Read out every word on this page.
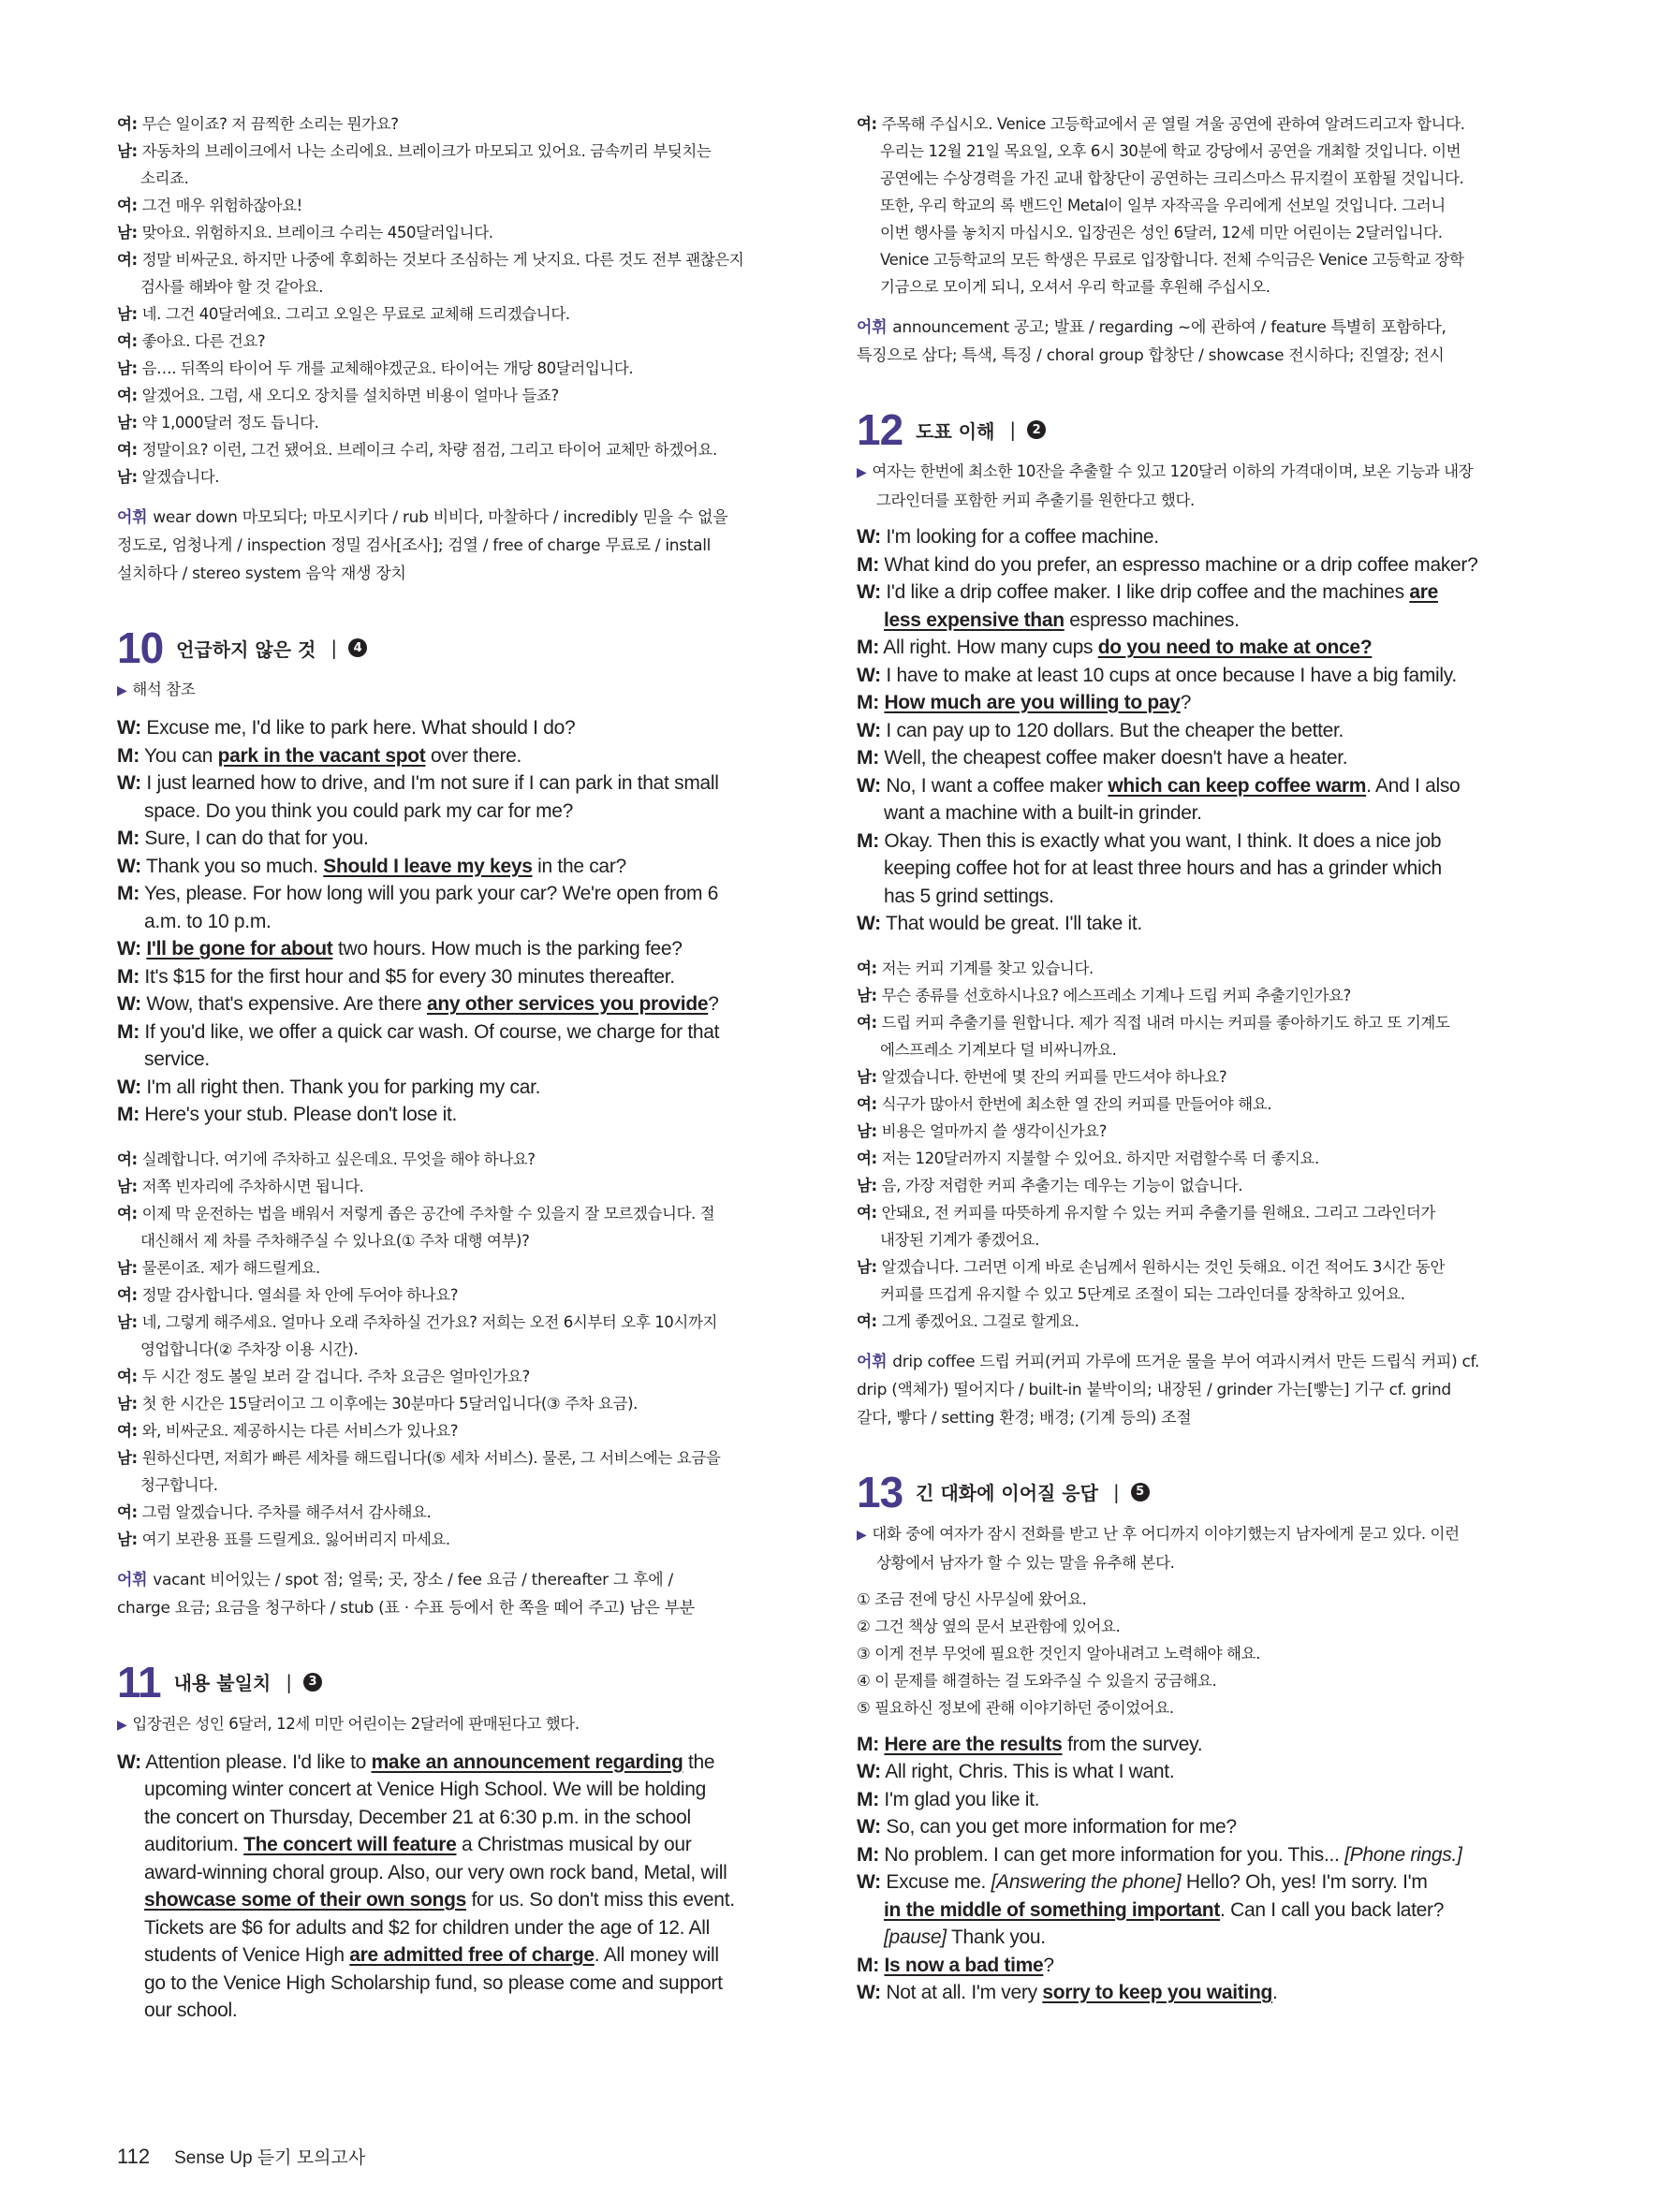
여: 무슨 일이죠? 저 끔찍한 소리는 뭔가요?
남: 자동차의 브레이크에서 나는 소리에요. 브레이크가 마모되고 있어요. 금속끼리 부딪치는
소리죠.
여: 그건 매우 위험하잖아요!
남: 맞아요. 위험하지요. 브레이크 수리는 450달러입니다.
여: 정말 비싸군요. 하지만 나중에 후회하는 것보다 조심하는 게 낫지요. 다른 것도 전부 괜찮은지
검사를 해봐야 할 것 같아요.
남: 네. 그건 40달러예요. 그리고 오일은 무료로 교체해 드리겠습니다.
여: 좋아요. 다른 건요?
남: 음…. 뒤쪽의 타이어 두 개를 교체해야겠군요. 타이어는 개당 80달러입니다.
여: 알겠어요. 그럼, 새 오디오 장치를 설치하면 비용이 얼마나 들죠?
남: 약 1,000달러 정도 듭니다.
여: 정말이요? 이런, 그건 됐어요. 브레이크 수리, 차량 점검, 그리고 타이어 교체만 하겠어요.
남: 알겠습니다.
어휘 wear down 마모되다; 마모시키다 / rub 비비다, 마찰하다 / incredibly 믿을 수 없을
정도로, 엄청나게 / inspection 정밀 검사[조사]; 검열 / free of charge 무료로 / install
설치하다 / stereo system 음악 재생 장치
10 언급하지 않은 것 |	4
▶ 해석 참조
W: Excuse me, I'd like to park here. What should I do?
M: You can park in the vacant spot over there.
W: I just learned how to drive, and I'm not sure if I can park in that small
space. Do you think you could park my car for me?
M: Sure, I can do that for you.
W: Thank you so much. Should I leave my keys in the car?
M: Yes, please. For how long will you park your car? We're open from 6
a.m. to 10 p.m.
W: I'll be gone for about two hours. How much is the parking fee?
M: It's $15 for the first hour and $5 for every 30 minutes thereafter.
W: Wow, that's expensive. Are there any other services you provide?
M: If you'd like, we offer a quick car wash. Of course, we charge for that
service.
W: I'm all right then. Thank you for parking my car.
M: Here's your stub. Please don't lose it.
여: 실례합니다. 여기에 주차하고 싶은데요. 무엇을 해야 하나요?
남: 저쪽 빈자리에 주차하시면 됩니다.
여: 이제 막 운전하는 법을 배워서 저렇게 좁은 공간에 주차할 수 있을지 잘 모르겠습니다. 절
대신해서 제 차를 주차해주실 수 있나요(① 주차 대행 여부)?
남: 물론이죠. 제가 해드릴게요.
여: 정말 감사합니다. 열쇠를 차 안에 두어야 하나요?
남: 네, 그렇게 해주세요. 얼마나 오래 주차하실 건가요? 저희는 오전 6시부터 오후 10시까지
영업합니다(② 주차장 이용 시간).
여: 두 시간 정도 볼일 보러 갈 겁니다. 주차 요금은 얼마인가요?
남: 첫 한 시간은 15달러이고 그 이후에는 30분마다 5달러입니다(③ 주차 요금).
여: 와, 비싸군요. 제공하시는 다른 서비스가 있나요?
남: 원하신다면, 저희가 빠른 세차를 해드립니다(⑤ 세차 서비스). 물론, 그 서비스에는 요금을
청구합니다.
여: 그럼 알겠습니다. 주차를 해주셔서 감사해요.
남: 여기 보관용 표를 드릴게요. 잃어버리지 마세요.
어휘 vacant 비어있는 / spot 점; 얼룩; 곳, 장소 / fee 요금 / thereafter 그 후에 /
charge 요금; 요금을 청구하다 / stub (표 · 수표 등에서 한 쪽을 떼어 주고) 남은 부분
11 내용 불일치 |	3
▶ 입장권은 성인 6달러, 12세 미만 어린이는 2달러에 판매된다고 했다.
W: Attention please. I'd like to make an announcement regarding the
upcoming winter concert at Venice High School. We will be holding
the concert on Thursday, December 21 at 6:30 p.m. in the school
auditorium. The concert will feature a Christmas musical by our
award-winning choral group. Also, our very own rock band, Metal, will
showcase some of their own songs for us. So don't miss this event.
Tickets are $6 for adults and $2 for children under the age of 12. All
students of Venice High are admitted free of charge. All money will
go to the Venice High Scholarship fund, so please come and support
our school.
여: 주목해 주십시오. Venice 고등학교에서 곧 열릴 겨울 공연에 관하여 알려드리고자 합니다.
우리는 12월 21일 목요일, 오후 6시 30분에 학교 강당에서 공연을 개최할 것입니다. 이번
공연에는 수상경력을 가진 교내 합창단이 공연하는 크리스마스 뮤지컬이 포함될 것입니다.
또한, 우리 학교의 록 밴드인 Metal이 일부 자작곡을 우리에게 선보일 것입니다. 그러니
이번 행사를 놓치지 마십시오. 입장권은 성인 6달러, 12세 미만 어린이는 2달러입니다.
Venice 고등학교의 모든 학생은 무료로 입장합니다. 전체 수익금은 Venice 고등학교 장학
기금으로 모이게 되니, 오셔서 우리 학교를 후원해 주십시오.
어휘 announcement 공고; 발표 / regarding ~에 관하여 / feature 특별히 포함하다,
특징으로 삼다; 특색, 특징 / choral group 합창단 / showcase 전시하다; 진열장; 전시
12 도표 이해 |	2
▶ 여자는 한번에 최소한 10잔을 추출할 수 있고 120달러 이하의 가격대이며, 보온 기능과 내장
그라인더를 포함한 커피 추출기를 원한다고 했다.
W: I'm looking for a coffee machine.
M: What kind do you prefer, an espresso machine or a drip coffee maker?
W: I'd like a drip coffee maker. I like drip coffee and the machines are
less expensive than espresso machines.
M: All right. How many cups do you need to make at once?
W: I have to make at least 10 cups at once because I have a big family.
M: How much are you willing to pay?
W: I can pay up to 120 dollars. But the cheaper the better.
M: Well, the cheapest coffee maker doesn't have a heater.
W: No, I want a coffee maker which can keep coffee warm. And I also
want a machine with a built-in grinder.
M: Okay. Then this is exactly what you want, I think. It does a nice job
keeping coffee hot for at least three hours and has a grinder which
has 5 grind settings.
W: That would be great. I'll take it.
여: 저는 커피 기계를 찾고 있습니다.
남: 무슨 종류를 선호하시나요? 에스프레소 기계나 드립 커피 추출기인가요?
여: 드립 커피 추출기를 원합니다. 제가 직접 내려 마시는 커피를 좋아하기도 하고 또 기계도
에스프레소 기계보다 덜 비싸니까요.
남: 알겠습니다. 한번에 몇 잔의 커피를 만드셔야 하나요?
여: 식구가 많아서 한번에 최소한 열 잔의 커피를 만들어야 해요.
남: 비용은 얼마까지 쓸 생각이신가요?
여: 저는 120달러까지 지불할 수 있어요. 하지만 저렴할수록 더 좋지요.
남: 음, 가장 저렴한 커피 추출기는 데우는 기능이 없습니다.
여: 안돼요, 전 커피를 따뜻하게 유지할 수 있는 커피 추출기를 원해요. 그리고 그라인더가
내장된 기계가 좋겠어요.
남: 알겠습니다. 그러면 이게 바로 손님께서 원하시는 것인 듯해요. 이건 적어도 3시간 동안
커피를 뜨겁게 유지할 수 있고 5단계로 조절이 되는 그라인더를 장착하고 있어요.
여: 그게 좋겠어요. 그걸로 할게요.
어휘 drip coffee 드립 커피(커피 가루에 뜨거운 물을 부어 여과시켜서 만든 드립식 커피) cf.
drip (액체가) 떨어지다 / built-in 붙박이의; 내장된 / grinder 가는[빻는] 기구 cf. grind
갈다, 빻다 / setting 환경; 배경; (기계 등의) 조절
13 긴 대화에 이어질 응답 |	5
▶ 대화 중에 여자가 잠시 전화를 받고 난 후 어디까지 이야기했는지 남자에게 묻고 있다. 이런
상황에서 남자가 할 수 있는 말을 유추해 본다.
① 조금 전에 당신 사무실에 왔어요.
② 그건 책상 옆의 문서 보관함에 있어요.
③ 이게 전부 무엇에 필요한 것인지 알아내려고 노력해야 해요.
④ 이 문제를 해결하는 걸 도와주실 수 있을지 궁금해요.
⑤ 필요하신 정보에 관해 이야기하던 중이었어요.
M: Here are the results from the survey.
W: All right, Chris. This is what I want.
M: I'm glad you like it.
W: So, can you get more information for me?
M: No problem. I can get more information for you. This... [Phone rings.]
W: Excuse me. [Answering the phone] Hello? Oh, yes! I'm sorry. I'm
in the middle of something important. Can I call you back later?
[pause] Thank you.
M: Is now a bad time?
W: Not at all. I'm very sorry to keep you waiting.
112 Sense Up 듣기 모의고사
